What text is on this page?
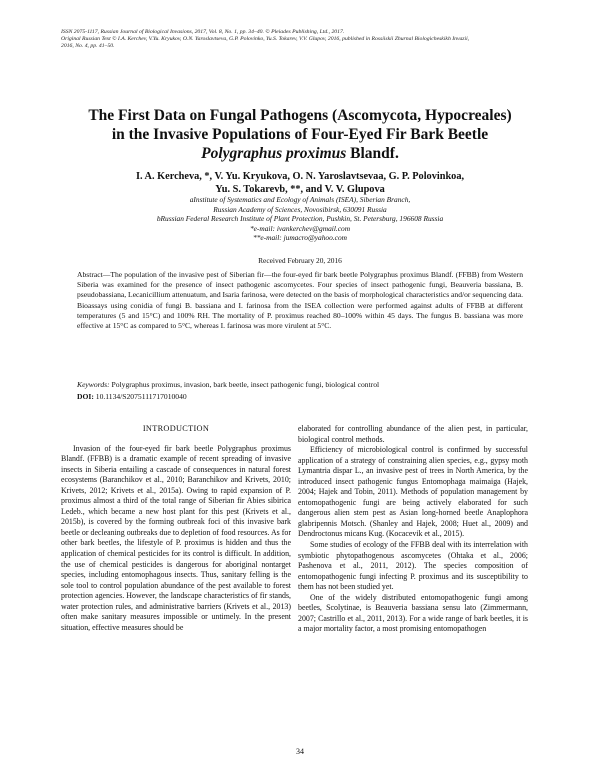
ISSN 2075-1117, Russian Journal of Biological Invasions, 2017, Vol. 8, No. 1, pp. 34–40. © Pleiades Publishing, Ltd., 2017.
Original Russian Text © I.A. Kerchev, V.Yu. Kryukov, O.N. Yaroslavtseva, G.P. Polovinko, Yu.S. Tokarev, V.V. Glupov, 2016, published in Rossiiskii Zhurnal Biologicheskikh Invazii,
2016, No. 4, pp. 41–50.
The First Data on Fungal Pathogens (Ascomycota, Hypocreales)
in the Invasive Populations of Four-Eyed Fir Bark Beetle
Polygraphus proximus Blandf.
I. A. Kercheva, *, V. Yu. Kryukova, O. N. Yaroslavtsevaa, G. P. Polovinkoa,
Yu. S. Tokarevb, **, and V. V. Glupova
aInstitute of Systematics and Ecology of Animals (ISEA), Siberian Branch,
Russian Academy of Sciences, Novosibirsk, 630091 Russia
bRussian Federal Research Institute of Plant Protection, Pushkin, St. Petersburg, 196608 Russia
*e-mail: ivankerchev@gmail.com
**e-mail: jumacro@yahoo.com
Received February 20, 2016
Abstract—The population of the invasive pest of Siberian fir—the four-eyed fir bark beetle Polygraphus proximus Blandf. (FFBB) from Western Siberia was examined for the presence of insect pathogenic ascomycetes. Four species of insect pathogenic fungi, Beauveria bassiana, B. pseudobassiana, Lecanicillium attenuatum, and Isaria farinosa, were detected on the basis of morphological characteristics and/or sequencing data. Bioassays using conidia of fungi B. bassiana and I. farinosa from the ISEA collection were performed against adults of FFBB at different temperatures (5 and 15°C) and 100% RH. The mortality of P. proximus reached 80–100% within 45 days. The fungus B. bassiana was more effective at 15°C as compared to 5°C, whereas I. farinosa was more virulent at 5°C.
Keywords: Polygraphus proximus, invasion, bark beetle, insect pathogenic fungi, biological control
DOI: 10.1134/S2075111717010040
INTRODUCTION

Invasion of the four-eyed fir bark beetle Polygraphus proximus Blandf. (FFBB) is a dramatic example of recent spreading of invasive insects in Siberia entailing a cascade of consequences in natural forest ecosystems (Baranchikov et al., 2010; Baranchikov and Krivets, 2010; Krivets, 2012; Krivets et al., 2015a). Owing to rapid expansion of P. proximus almost a third of the total range of Siberian fir Abies sibirica Ledeb., which became a new host plant for this pest (Krivets et al., 2015b), is covered by the forming outbreak foci of this invasive bark beetle or decleaning outbreaks due to depletion of food resources. As for other bark beetles, the lifestyle of P. proximus is hidden and thus the application of chemical pesticides for its control is difficult. In addition, the use of chemical pesticides is dangerous for aboriginal nontarget species, including entomophagous insects. Thus, sanitary felling is the sole tool to control population abundance of the pest available to forest protection agencies. However, the landscape characteristics of fir stands, water protection rules, and administrative barriers (Krivets et al., 2013) often make sanitary measures impossible or untimely. In the present situation, effective measures should be

elaborated for controlling abundance of the alien pest, in particular, biological control methods.

Efficiency of microbiological control is confirmed by successful application of a strategy of constraining alien species, e.g., gypsy moth Lymantria dispar L., an invasive pest of trees in North America, by the introduced insect pathogenic fungus Entomophaga maimaiga (Hajek, 2004; Hajek and Tobin, 2011). Methods of population management by entomopathogenic fungi are being actively elaborated for such dangerous alien stem pest as Asian long-horned beetle Anaplophora glabripennis Motsch. (Shanley and Hajek, 2008; Huet al., 2009) and Dendroctonus micans Kug. (Kocacevik et al., 2015).

Some studies of ecology of the FFBB deal with its interrelation with symbiotic phytopathogenous ascomycetes (Ohtaka et al., 2006; Pashenova et al., 2011, 2012). The species composition of entomopathogenic fungi infecting P. proximus and its susceptibility to them has not been studied yet.

One of the widely distributed entomopathogenic fungi among beetles, Scolytinae, is Beauveria bassiana sensu lato (Zimmermann, 2007; Castrillo et al., 2011, 2013). For a wide range of bark beetles, it is a major mortality factor, a most promising entomopathogen

34
